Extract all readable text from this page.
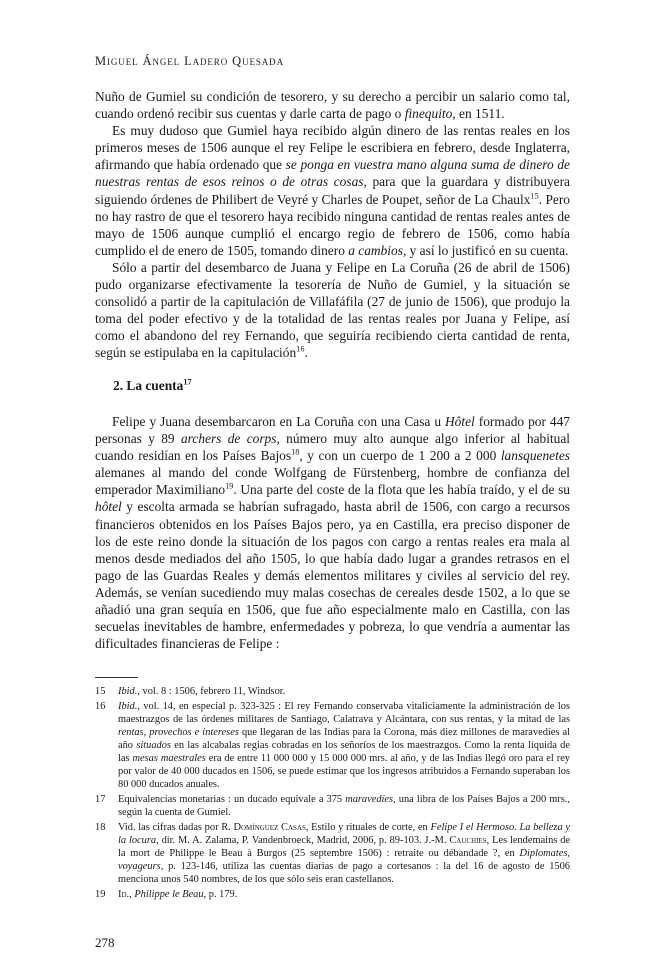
Miguel Ángel Ladero Quesada

Nuño de Gumiel su condición de tesorero, y su derecho a percibir un salario como tal, cuando ordenó recibir sus cuentas y darle carta de pago o finequito, en 1511.

Es muy dudoso que Gumiel haya recibido algún dinero de las rentas reales en los primeros meses de 1506 aunque el rey Felipe le escribiera en febrero, desde Inglaterra, afirmando que había ordenado que se ponga en vuestra mano alguna suma de dinero de nuestras rentas de esos reinos o de otras cosas, para que la guardara y distribuyera siguiendo órdenes de Philibert de Veyré y Charles de Poupet, señor de La Chaulx$^{15}$. Pero no hay rastro de que el tesorero haya recibido ninguna cantidad de rentas reales antes de mayo de 1506 aunque cumplió el encargo regio de febrero de 1506, como había cumplido el de enero de 1505, tomando dinero a cambios, y así lo justificó en su cuenta.

Sólo a partir del desembarco de Juana y Felipe en La Coruña (26 de abril de 1506) pudo organizarse efectivamente la tesorería de Nuño de Gumiel, y la situación se consolidó a partir de la capitulación de Villafáfila (27 de junio de 1506), que produjo la toma del poder efectivo y de la totalidad de las rentas reales por Juana y Felipe, así como el abandono del rey Fernando, que seguiría recibiendo cierta cantidad de renta, según se estipulaba en la capitulación$^{16}$.

2. La cuenta$^{17}$

Felipe y Juana desembarcaron en La Coruña con una Casa u Hôtel formado por 447 personas y 89 archers de corps, número muy alto aunque algo inferior al habitual cuando residían en los Países Bajos$^{18}$, y con un cuerpo de 1 200 a 2 000 lansquenetes alemanes al mando del conde Wolfgang de Fürstenberg, hombre de confianza del emperador Maximiliano$^{19}$. Una parte del coste de la flota que les había traído, y el de su hôtel y escolta armada se habrían sufragado, hasta abril de 1506, con cargo a recursos financieros obtenidos en los Países Bajos pero, ya en Castilla, era preciso disponer de los de este reino donde la situación de los pagos con cargo a rentas reales era mala al menos desde mediados del año 1505, lo que había dado lugar a grandes retrasos en el pago de las Guardas Reales y demás elementos militares y civiles al servicio del rey. Además, se venían sucediendo muy malas cosechas de cereales desde 1502, a lo que se añadió una gran sequía en 1506, que fue año especialmente malo en Castilla, con las secuelas inevitables de hambre, enfermedades y pobreza, lo que vendría a aumentar las dificultades financieras de Felipe :

15	Ibid., vol. 8 : 1506, febrero 11, Windsor.
16	Ibid., vol. 14, en especial p. 323-325 : El rey Fernando conservaba vitaliciamente la administración de los maestrazgos de las órdenes militares de Santiago, Calatrava y Alcántara, con sus rentas, y la mitad de las rentas, provechos e intereses que llegaran de las Indias para la Corona, más diez millones de maravedíes al año situados en las alcabalas regias cobradas en los señoríos de los maestrazgos. Como la renta líquida de las mesas maestrales era de entre 11 000 000 y 15 000 000 mrs. al año, y de las Indias llegó oro para el rey por valor de 40 000 ducados en 1506, se puede estimar que los ingresos atribuidos a Fernando superaban los 80 000 ducados anuales.
17	Equivalencias monetarias : un ducado equivale a 375 maravedíes, una libra de los Países Bajos a 200 mrs., según la cuenta de Gumiel.
18	Vid. las cifras dadas por R. Domínguez Casas, Estilo y rituales de corte, en Felipe I el Hermoso. La belleza y la locura, dir. M. A. Zalama, P. Vandenbroeck, Madrid, 2006, p. 89-103. J.-M. Cauchies, Les lendemains de la mort de Philippe le Beau à Burgos (25 septembre 1506) : retraite ou débandade ?, en Diplomates, voyageurs, p. 123-146, utiliza las cuentas diarias de pago a cortesanos : la del 16 de agosto de 1506 menciona unos 540 nombres, de los que sólo seis eran castellanos.
19	Id., Philippe le Beau, p. 179.
278
